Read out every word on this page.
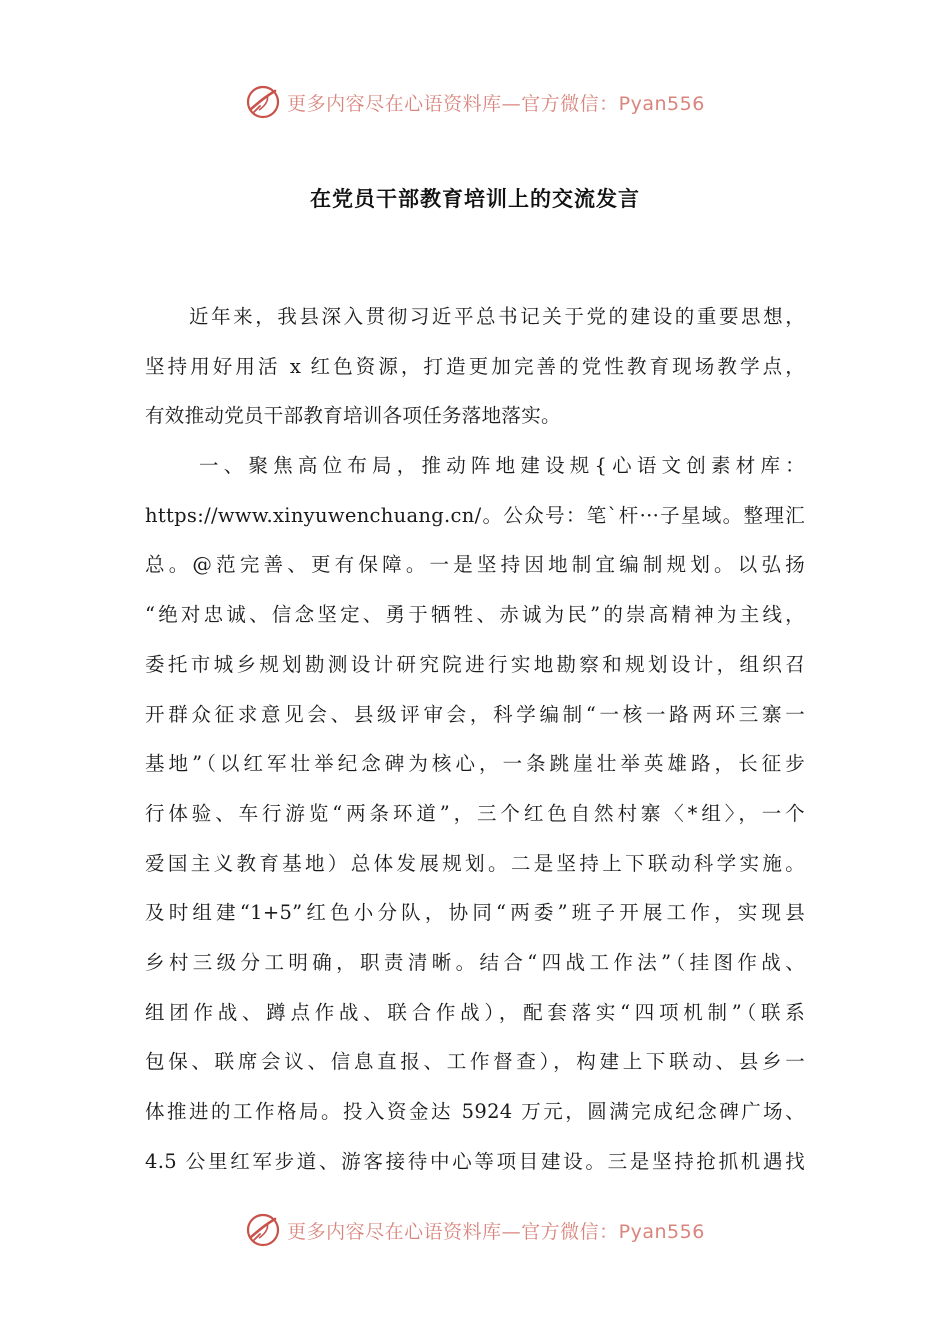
更多内容尽在心语资料库—官方微信：Pyan556
在党员干部教育培训上的交流发言
近年来，我县深入贯彻习近平总书记关于党的建设的重要思想，
坚持用好用活 x 红色资源，打造更加完善的党性教育现场教学点，
有效推动党员干部教育培训各项任务落地落实。
一、聚焦高位布局，推动阵地建设规{心语文创素材库：
https://www.xinyuwenchuang.cn/。公众号：笔`杆···子星域。整理汇
总。@范完善、更有保障。一是坚持因地制宜编制规划。以弘扬
“绝对忠诚、信念坚定、勇于牺牲、赤诚为民”的崇高精神为主线，
委托市城乡规划勘测设计研究院进行实地勘察和规划设计，组织召
开群众征求意见会、县级评审会，科学编制“一核一路两环三寨一
基地”（以红军壮举纪念碑为核心，一条跳崖壮举英雄路，长征步
行体验、车行游览“两条环道”，三个红色自然村寨〈*组〉，一个
爱国主义教育基地）总体发展规划。二是坚持上下联动科学实施。
及时组建“1+5”红色小分队，协同“两委”班子开展工作，实现县
乡村三级分工明确，职责清晰。结合“四战工作法”（挂图作战、
组团作战、蹲点作战、联合作战），配套落实“四项机制”（联系
包保、联席会议、信息直报、工作督查），构建上下联动、县乡一
体推进的工作格局。投入资金达 5924 万元，圆满完成纪念碑广场、
4.5 公里红军步道、游客接待中心等项目建设。三是坚持抢抓机遇找
更多内容尽在心语资料库—官方微信：Pyan556
